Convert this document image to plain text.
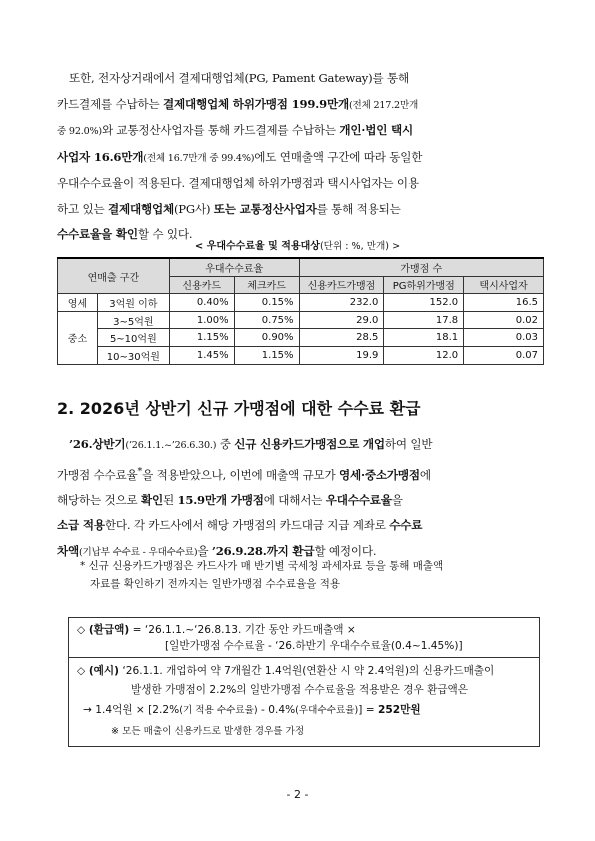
또한, 전자상거래에서 결제대행업체(PG, Pament Gateway)를 통해
카드결제를 수납하는 결제대행업체 하위가맹점 199.9만개(전체 217.2만개
중 92.0%)와 교통정산사업자를 통해 카드결제를 수납하는 개인·법인 택시
사업자 16.6만개(전체 16.7만개 중 99.4%)에도 연매출액 구간에 따라 동일한
우대수수료율이 적용된다. 결제대행업체 하위가맹점과 택시사업자는 이용
하고 있는 결제대행업체(PG사) 또는 교통정산사업자를 통해 적용되는
수수료율을 확인할 수 있다.
< 우대수수료율 및 적용대상(단위 : %, 만개) >
연매출 구간		우대수수료율		가맹점 수		
		신용카드	체크카드	신용카드가맹점	PG하위가맹점	택시사업자
영세	3억원 이하	0.40%	0.15%	232.0	152.0	16.5
중소	3~5억원	1.00%	0.75%	29.0	17.8	0.02
	5~10억원	1.15%	0.90%	28.5	18.1	0.03
	10~30억원	1.45%	1.15%	19.9	12.0	0.07
2. 2026년 상반기 신규 가맹점에 대한 수수료 환급
’26.상반기(’26.1.1.~’26.6.30.) 중 신규 신용카드가맹점으로 개업하여 일반
가맹점 수수료율*을 적용받았으나, 이번에 매출액 규모가 영세·중소가맹점에
해당하는 것으로 확인된 15.9만개 가맹점에 대해서는 우대수수료율을
소급 적용한다. 각 카드사에서 해당 가맹점의 카드대금 지급 계좌로 수수료
차액(기납부 수수료 - 우대수수료)을 ’26.9.28.까지 환급할 예정이다.
* 신규 신용카드가맹점은 카드사가 매 반기별 국세청 과세자료 등을 통해 매출액
자료를 확인하기 전까지는 일반가맹점 수수료율을 적용
◇ (환급액) = ‘26.1.1.~‘26.8.13. 기간 동안 카드매출액 ×
[일반가맹점 수수료율 - ‘26.하반기 우대수수료율(0.4~1.45%)]
◇ (예시) ‘26.1.1. 개업하여 약 7개월간 1.4억원(연환산 시 약 2.4억원)의 신용카드매출이
발생한 가맹점이 2.2%의 일반가맹점 수수료율을 적용받은 경우 환급액은
→ 1.4억원 × [2.2%(기 적용 수수료율) - 0.4%(우대수수료율)] = 252만원
※ 모든 매출이 신용카드로 발생한 경우를 가정
- 2 -
